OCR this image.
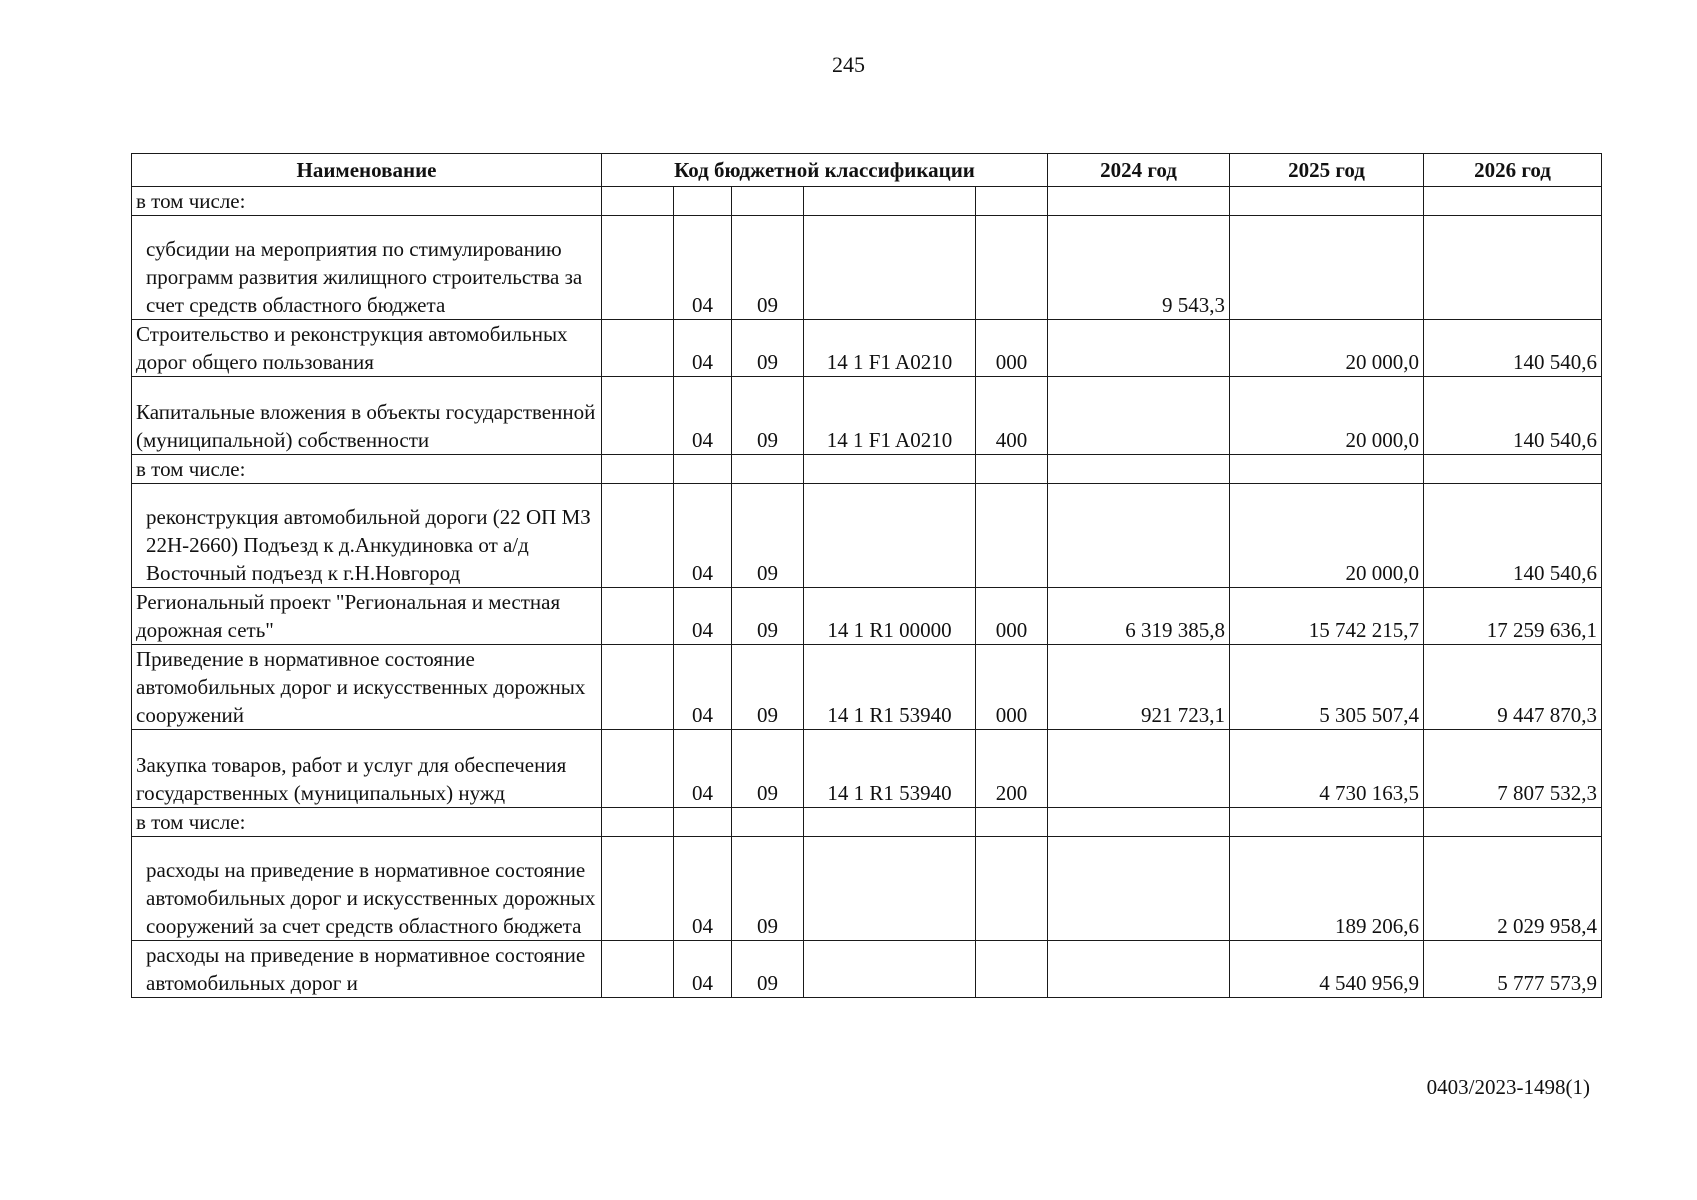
245
Наименование	Код бюджетной классификации					2024 год	2025 год	2026 год
в том числе:								
субсидии на мероприятия по стимулированию программ развития жилищного строительства за счет средств областного бюджета		04	09			9 543,3		
Строительство и реконструкция автомобильных дорог общего пользования		04	09	14 1 F1 A0210	000		20 000,0	140 540,6
Капитальные вложения в объекты государственной (муниципальной) собственности		04	09	14 1 F1 A0210	400		20 000,0	140 540,6
в том числе:								
реконструкция автомобильной дороги (22 ОП МЗ 22Н-2660) Подъезд к д.Анкудиновка от а/д Восточный подъезд к г.Н.Новгород		04	09				20 000,0	140 540,6
Региональный проект "Региональная и местная дорожная сеть"		04	09	14 1 R1 00000	000	6 319 385,8	15 742 215,7	17 259 636,1
Приведение в нормативное состояние автомобильных дорог и искусственных дорожных сооружений		04	09	14 1 R1 53940	000	921 723,1	5 305 507,4	9 447 870,3
Закупка товаров, работ и услуг для обеспечения государственных (муниципальных) нужд		04	09	14 1 R1 53940	200		4 730 163,5	7 807 532,3
в том числе:								
расходы на приведение в нормативное состояние автомобильных дорог и искусственных дорожных сооружений за счет средств областного бюджета		04	09				189 206,6	2 029 958,4
расходы на приведение в нормативное состояние автомобильных дорог и		04	09				4 540 956,9	5 777 573,9
0403/2023-1498(1)
